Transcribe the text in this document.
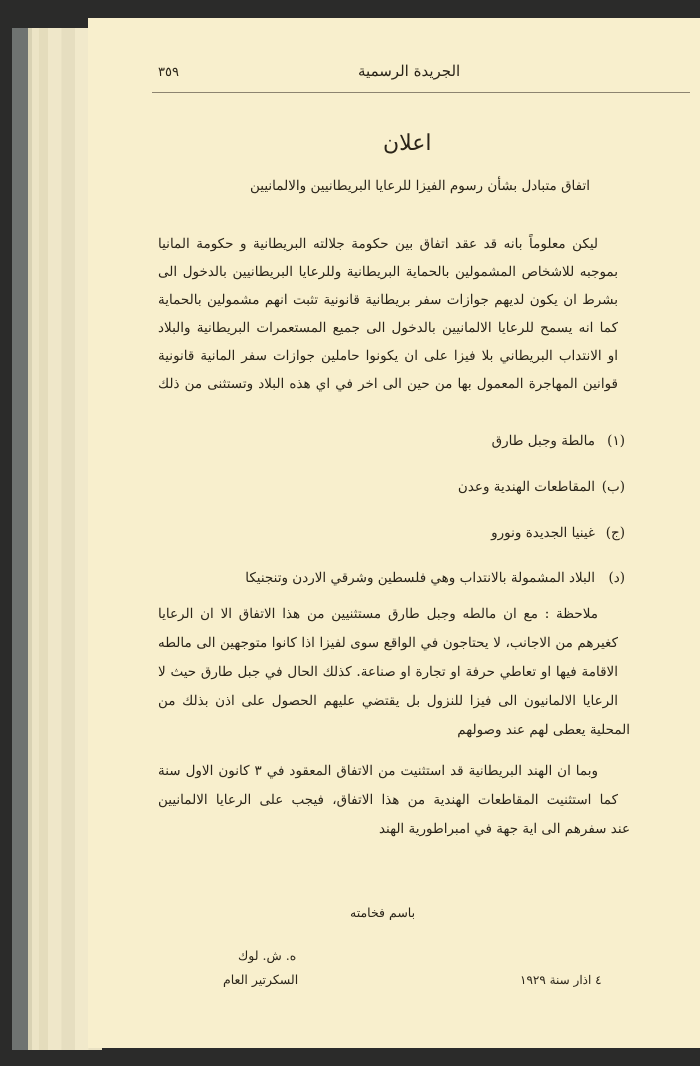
٣٥٩	الجريدة الرسمية
اعلان
اتفاق متبادل بشأن رسوم الفيزا للرعايا البريطانيين والالمانيين
ليكن معلوماً بانه قد عقد اتفاق بين حكومة جلالته البريطانية و حكومة المانيا
بموجبه للاشخاص المشمولين بالحماية البريطانية وللرعايا البريطانيين بالدخول الى
بشرط ان يكون لديهم جوازات سفر بريطانية قانونية تثبت انهم مشمولين بالحماية
كما انه يسمح للرعايا الالمانيين بالدخول الى جميع المستعمرات البريطانية والبلاد
او الانتداب البريطاني بلا فيزا على ان يكونوا حاملين جوازات سفر المانية قانونية
قوانين المهاجرة المعمول بها من حين الى اخر في اي هذه البلاد وتستثنى من ذلك
(١)
مالطة وجبل طارق
(ب)
المقاطعات الهندية وعدن
(ج)
غينيا الجديدة ونورو
(د)
البلاد المشمولة بالانتداب وهي فلسطين وشرقي الاردن وتنجنيكا
ملاحظة : مع ان مالطه وجبل طارق مستثنيين من هذا الاتفاق الا ان الرعايا
كغيرهم من الاجانب، لا يحتاجون في الواقع سوى لفيزا اذا كانوا متوجهين الى مالطه
الاقامة فيها او تعاطي حرفة او تجارة او صناعة. كذلك الحال في جبل طارق حيث لا
الرعايا الالمانيون الى فيزا للنزول بل يقتضي عليهم الحصول على اذن بذلك من
المحلية يعطى لهم عند وصولهم
وبما ان الهند البريطانية قد استثنيت من الاتفاق المعقود في ٣ كانون الاول سنة
كما استثنيت المقاطعات الهندية من هذا الاتفاق، فيجب على الرعايا الالمانيين
عند سفرهم الى اية جهة في امبراطورية الهند
باسم فخامته
ه. ش. لوك
السكرتير العام	٤ اذار سنة ١٩٢٩
